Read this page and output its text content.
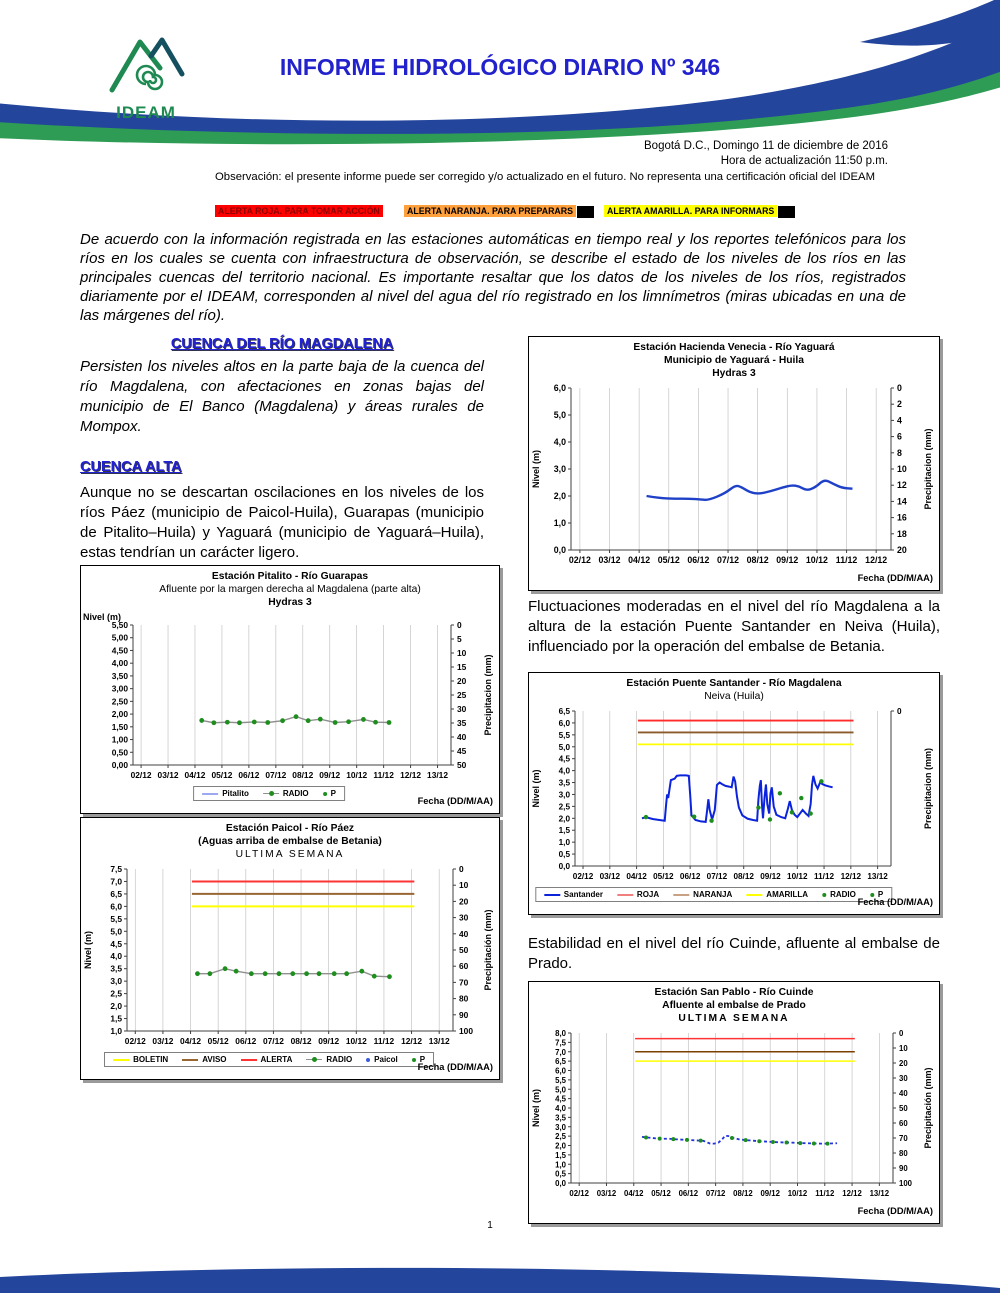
IDEAM
INFORME HIDROLÓGICO DIARIO Nº 346
Bogotá D.C., Domingo 11 de diciembre de 2016
Hora de actualización 11:50 p.m.
Observación: el presente informe puede ser corregido y/o actualizado en el futuro. No representa una certificación oficial del IDEAM
ALERTA ROJA. PARA TOMAR ACCIÓN	ALERTA NARANJA. PARA PREPARARS	ALERTA AMARILLA. PARA INFORMARS
De acuerdo con la información registrada en las estaciones automáticas en tiempo real y los reportes telefónicos para los ríos en los cuales se cuenta con infraestructura de observación, se describe el estado de los niveles de los ríos en las principales cuencas del territorio nacional. Es importante resaltar que los datos de los niveles de los ríos, registrados diariamente por el IDEAM, corresponden al nivel del agua del río registrado en los limnímetros (miras ubicadas en una de las márgenes del río).
CUENCA DEL RÍO MAGDALENA
Persisten los niveles altos en la parte baja de la cuenca del río Magdalena, con afectaciones en zonas bajas del municipio de El Banco (Magdalena) y áreas rurales de Mompox.
CUENCA ALTA
Aunque no se descartan oscilaciones en los niveles de los ríos Páez (municipio de Paicol-Huila), Guarapas (municipio de Pitalito–Huila) y Yaguará (municipio de Yaguará–Huila), estas tendrían un carácter ligero.
Fluctuaciones moderadas en el nivel del río Magdalena a la altura de la estación Puente Santander en Neiva (Huila), influenciado por la operación del embalse de Betania.
Estabilidad en el nivel del río Cuinde, afluente al embalse de Prado.
Estación Pitalito - Río Guarapas
Afluente por la margen derecha al Magdalena (parte alta)
Hydras 3
5,50
5,00
4,50
4,00
3,50
3,00
2,50
2,00
1,50
1,00
0,50
0,00
0
5
10
15
20
25
30
35
40
45
50
02/12 03/12 04/12 05/12 06/12 07/12 08/12 09/12 10/12 11/12 12/12 13/12
Nivel (m)
Precipitacion (mm)
Pitalito	RADIO	P
Fecha (DD/M/AA)
Estación Paicol - Río Páez
(Aguas arriba de embalse de Betania)
ULTIMA SEMANA
7,5
7,0
6,5
6,0
5,5
5,0
4,5
4,0
3,5
3,0
2,5
2,0
1,5
1,0
0
10
20
30
40
50
60
70
80
90
100
02/12 03/12 04/12 05/12 06/12 07/12 08/12 09/12 10/12 11/12 12/12 13/12
Nivel (m)	Precipitación (mm)
BOLETIN	AVISO	ALERTA	RADIO	Paicol	P
Fecha (DD/M/AA)
Estación Hacienda Venecia - Río Yaguará
Municipio de Yaguará - Huila
Hydras 3
6,0
5,0
4,0
3,0
2,0
1,0
0,0
0
2
4
6
8
10
12
14
16
18
20
02/12 03/12 04/12 05/12 06/12 07/12 08/12 09/12 10/12 11/12 12/12
Nivel (m)	Precipitacion (mm)
Fecha (DD/M/AA)
Estación Puente Santander - Río Magdalena
Neiva (Huila)
6,5
6,0
5,5
5,0
4,5
4,0
3,5
3,0
2,5
2,0
1,5
1,0
0,5
0,0
0
02/12 03/12 04/12 05/12 06/12 07/12 08/12 09/12 10/12 11/12 12/12 13/12
Nivel (m)	Precipitacion (mm)
Santander	ROJA	NARANJA	AMARILLA	RADIO	P
Fecha (DD/M/AA)
Estación San Pablo - Río Cuinde
Afluente al embalse de Prado
ULTIMA SEMANA
8,0
7,5
7,0
6,5
6,0
5,5
5,0
4,5
4,0
3,5
3,0
2,5
2,0
1,5
1,0
0,5
0,0
0
10
20
30
40
50
60
70
80
90
100
02/12 03/12 04/12 05/12 06/12 07/12 08/12 09/12 10/12 11/12 12/12 13/12
Nivel (m)	Precipitación (mm)
Fecha (DD/M/AA)
1
